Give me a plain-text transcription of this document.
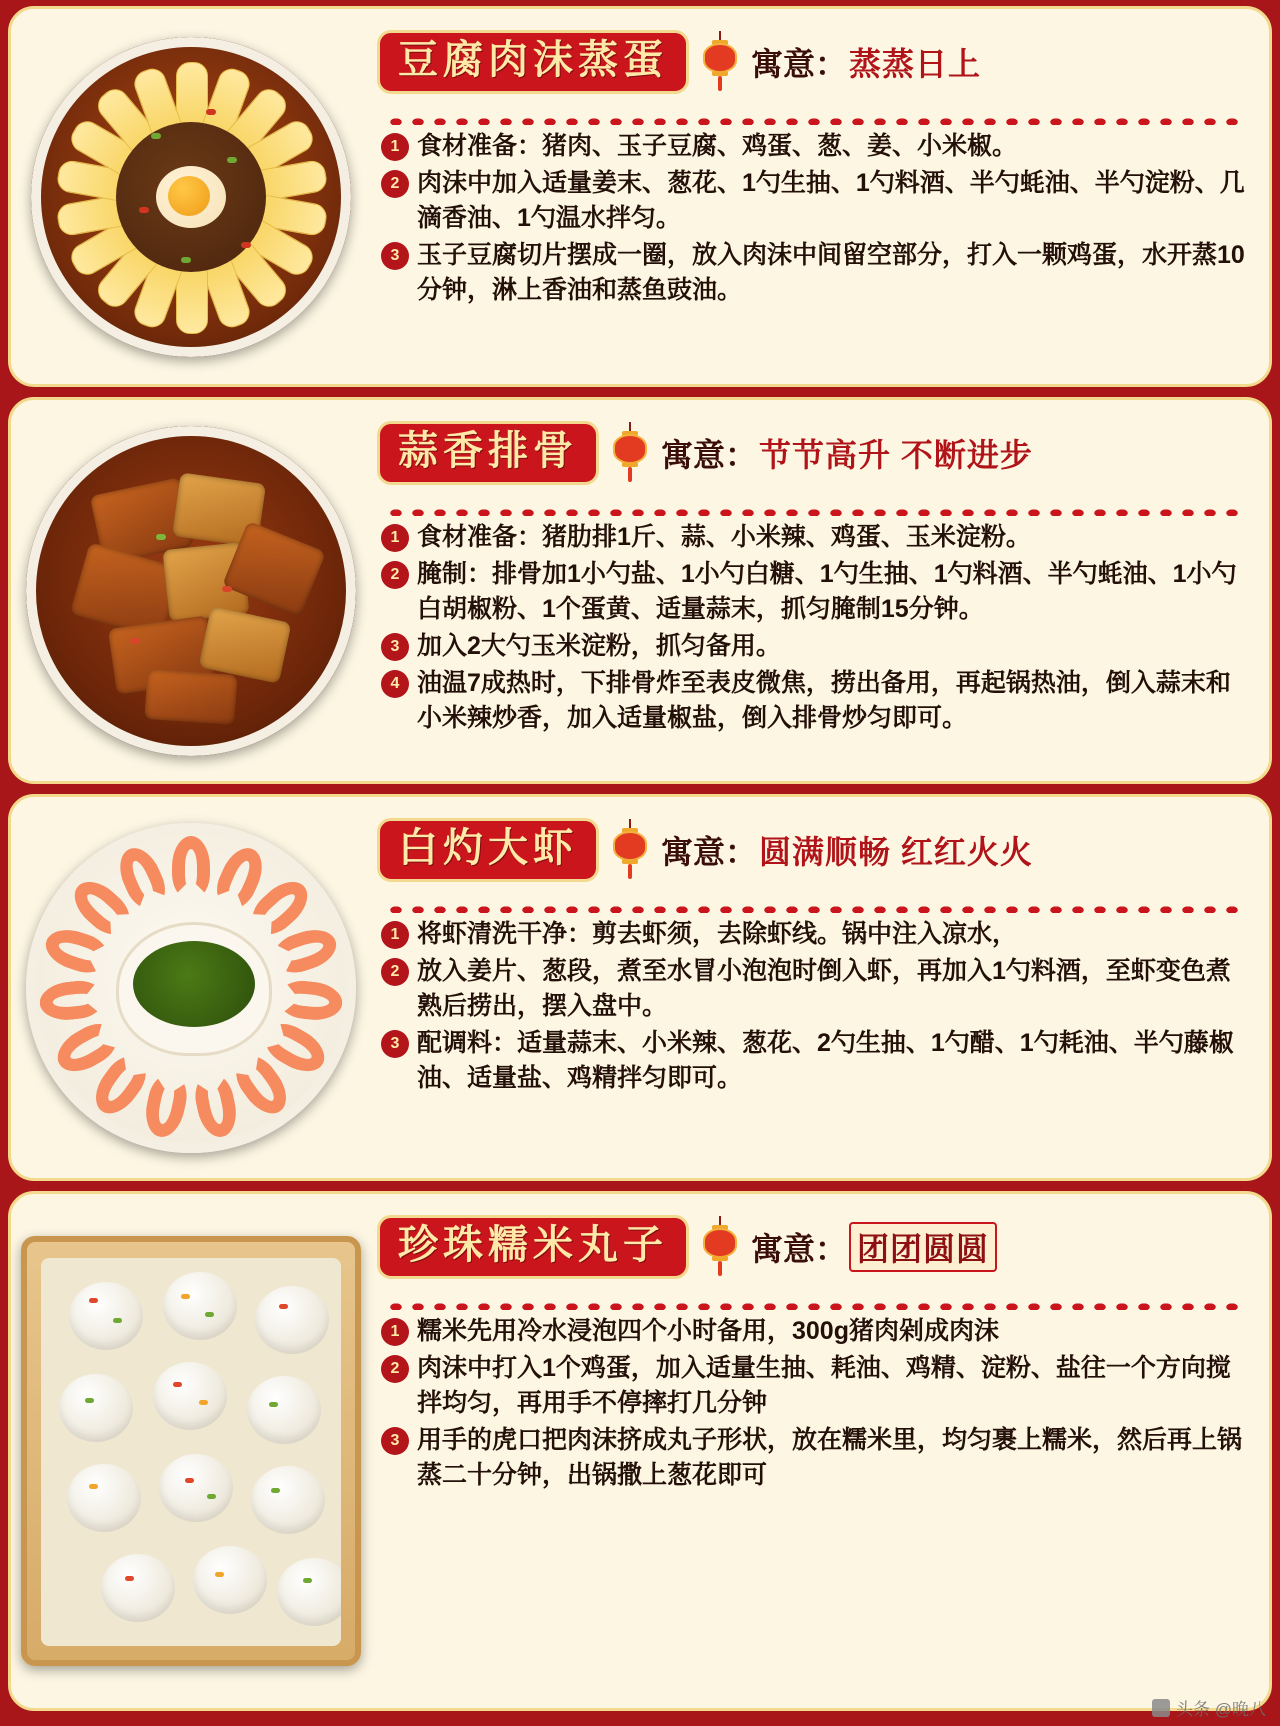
豆腐肉沫蒸蛋	寓意： 蒸蒸日上
1 食材准备：猪肉、玉子豆腐、鸡蛋、葱、姜、小米椒。
2 肉沫中加入适量姜末、葱花、1勺生抽、1勺料酒、半勺蚝油、半勺淀粉、几滴香油、1勺温水拌匀。
3 玉子豆腐切片摆成一圈，放入肉沫中间留空部分，打入一颗鸡蛋，水开蒸10分钟，淋上香油和蒸鱼豉油。
蒜香排骨	寓意： 节节高升 不断进步
1 食材准备：猪肋排1斤、蒜、小米辣、鸡蛋、玉米淀粉。
2 腌制：排骨加1小勺盐、1小勺白糖、1勺生抽、1勺料酒、半勺蚝油、1小勺白胡椒粉、1个蛋黄、适量蒜末，抓匀腌制15分钟。
3 加入2大勺玉米淀粉，抓匀备用。
4 油温7成热时，下排骨炸至表皮微焦，捞出备用，再起锅热油，倒入蒜末和小米辣炒香，加入适量椒盐，倒入排骨炒匀即可。
白灼大虾	寓意： 圆满顺畅 红红火火
1 将虾清洗干净：剪去虾须，去除虾线。锅中注入凉水，
2 放入姜片、葱段，煮至水冒小泡泡时倒入虾，再加入1勺料酒，至虾变色煮熟后捞出，摆入盘中。
3 配调料：适量蒜末、小米辣、葱花、2勺生抽、1勺醋、1勺耗油、半勺藤椒油、适量盐、鸡精拌匀即可。
珍珠糯米丸子	寓意： 团团圆圆
1 糯米先用冷水浸泡四个小时备用，300g猪肉剁成肉沫
2 肉沫中打入1个鸡蛋，加入适量生抽、耗油、鸡精、淀粉、盐往一个方向搅拌均匀，再用手不停摔打几分钟
3 用手的虎口把肉沫挤成丸子形状，放在糯米里，均匀裹上糯米，然后再上锅蒸二十分钟，出锅撒上葱花即可
头条 @晚八
